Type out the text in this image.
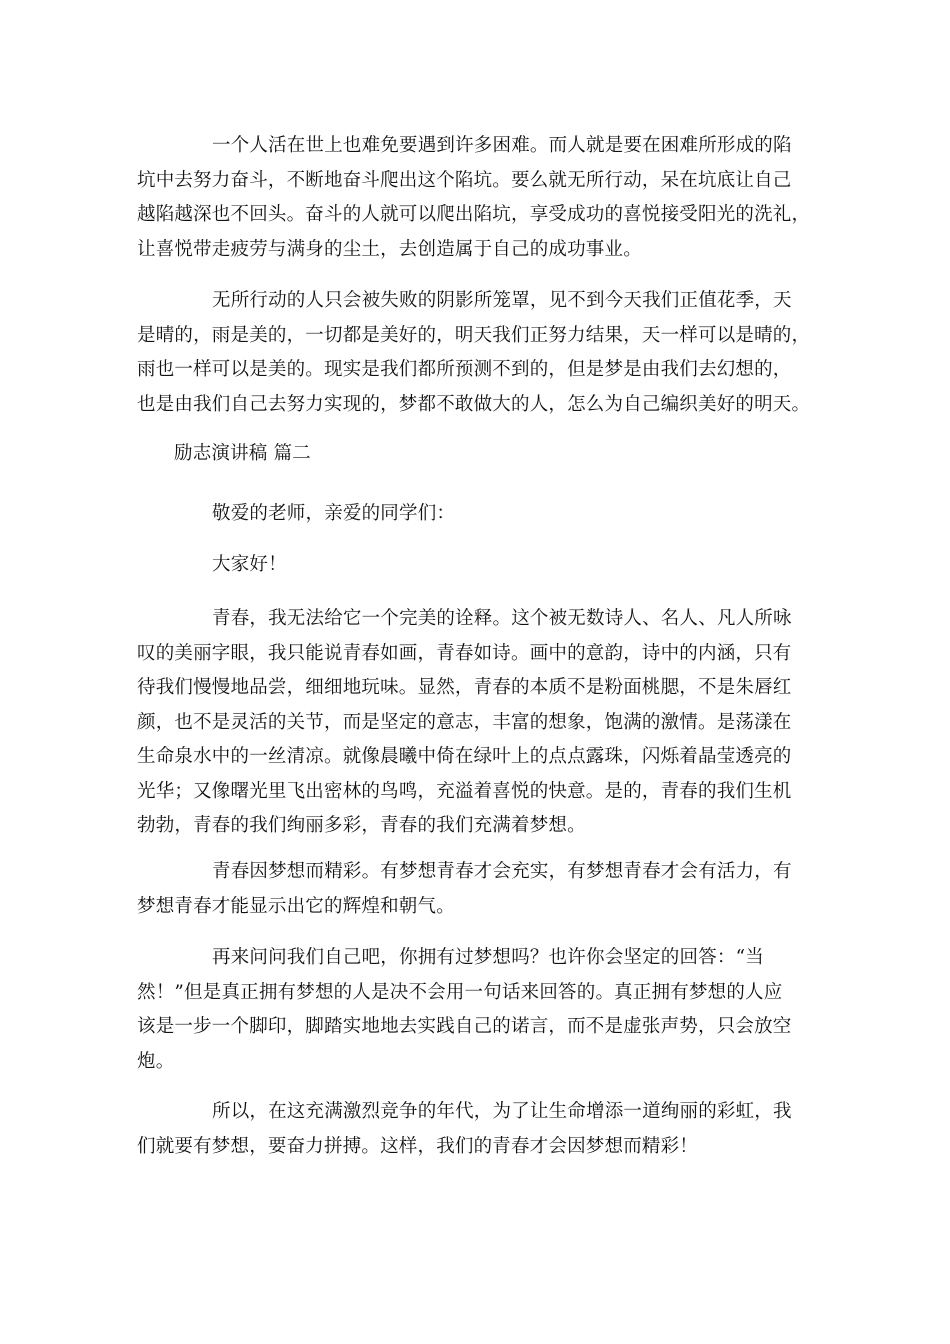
一个人活在世上也难免要遇到许多困难。而人就是要在困难所形成的陷
坑中去努力奋斗，不断地奋斗爬出这个陷坑。要么就无所行动，呆在坑底让自己
越陷越深也不回头。奋斗的人就可以爬出陷坑，享受成功的喜悦接受阳光的洗礼，
让喜悦带走疲劳与满身的尘土，去创造属于自己的成功事业。

无所行动的人只会被失败的阴影所笼罩，见不到今天我们正值花季，天
是晴的，雨是美的，一切都是美好的，明天我们正努力结果，天一样可以是晴的，
雨也一样可以是美的。现实是我们都所预测不到的，但是梦是由我们去幻想的，
也是由我们自己去努力实现的，梦都不敢做大的人，怎么为自己编织美好的明天。

励志演讲稿 篇二

敬爱的老师，亲爱的同学们：

大家好！

青春，我无法给它一个完美的诠释。这个被无数诗人、名人、凡人所咏
叹的美丽字眼，我只能说青春如画，青春如诗。画中的意韵，诗中的内涵，只有
待我们慢慢地品尝，细细地玩味。显然，青春的本质不是粉面桃腮，不是朱唇红
颜，也不是灵活的关节，而是坚定的意志，丰富的想象，饱满的激情。是荡漾在
生命泉水中的一丝清凉。就像晨曦中倚在绿叶上的点点露珠，闪烁着晶莹透亮的
光华；又像曙光里飞出密林的鸟鸣，充溢着喜悦的快意。是的，青春的我们生机
勃勃，青春的我们绚丽多彩，青春的我们充满着梦想。

青春因梦想而精彩。有梦想青春才会充实，有梦想青春才会有活力，有
梦想青春才能显示出它的辉煌和朝气。

再来问问我们自己吧，你拥有过梦想吗？也许你会坚定的回答：“当
然！”但是真正拥有梦想的人是决不会用一句话来回答的。真正拥有梦想的人应
该是一步一个脚印，脚踏实地地去实践自己的诺言，而不是虚张声势，只会放空
炮。

所以，在这充满激烈竞争的年代，为了让生命增添一道绚丽的彩虹，我
们就要有梦想，要奋力拼搏。这样，我们的青春才会因梦想而精彩！
